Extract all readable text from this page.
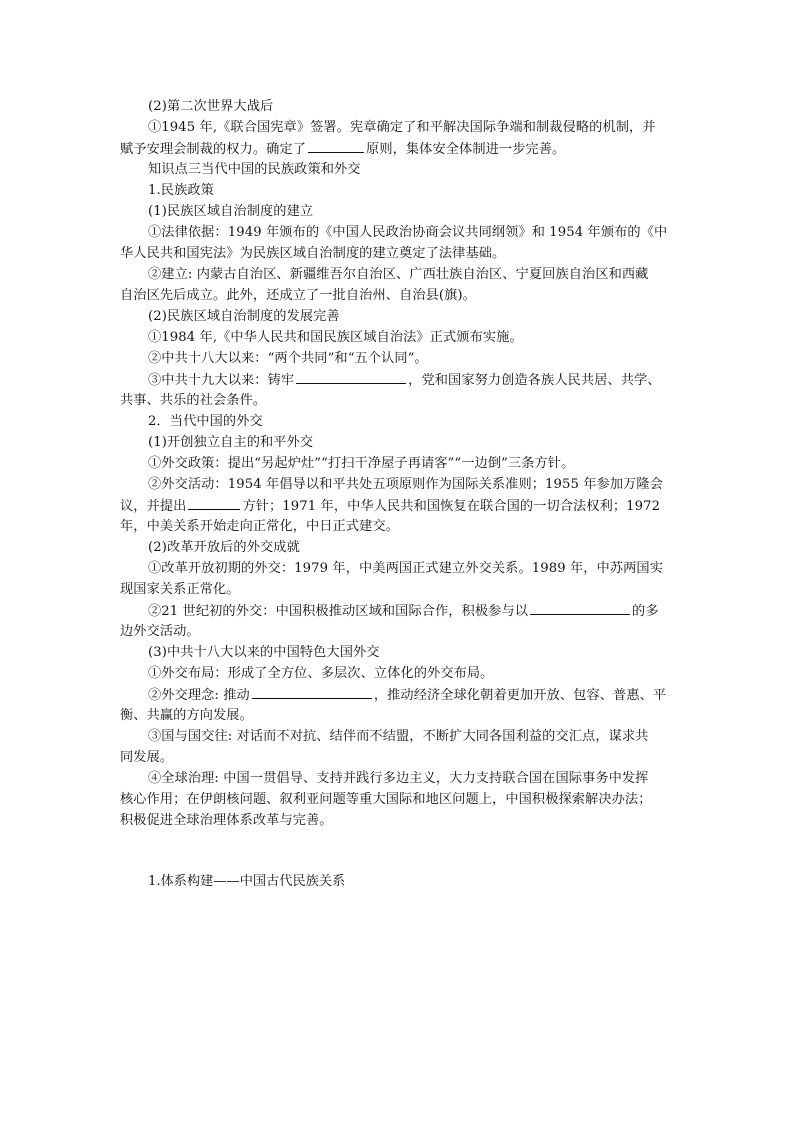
(2)第二次世界大战后
①1945 年,《联合国宪章》签署。宪章确定了和平解决国际争端和制裁侵略的机制，并
赋予安理会制裁的权力。确定了	原则，集体安全体制进一步完善。
知识点三当代中国的民族政策和外交
1.民族政策
(1)民族区域自治制度的建立
①法律依据：1949 年颁布的《中国人民政治协商会议共同纲领》和 1954 年颁布的《中
华人民共和国宪法》为民族区域自治制度的建立奠定了法律基础。
②建立: 内蒙古自治区、新疆维吾尔自治区、广西壮族自治区、宁夏回族自治区和西藏
自治区先后成立。此外，还成立了一批自治州、自治县(旗)。
(2)民族区域自治制度的发展完善
①1984 年,《中华人民共和国民族区域自治法》正式颁布实施。
②中共十八大以来：“两个共同”和“五个认同”。
③中共十九大以来：铸牢	，党和国家努力创造各族人民共居、共学、
共事、共乐的社会条件。
2．当代中国的外交
(1)开创独立自主的和平外交
①外交政策：提出“另起炉灶”“打扫干净屋子再请客”“一边倒”三条方针。
②外交活动：1954 年倡导以和平共处五项原则作为国际关系准则；1955 年参加万隆会
议，并提出	方针；1971 年，中华人民共和国恢复在联合国的一切合法权利；1972
年，中美关系开始走向正常化，中日正式建交。
(2)改革开放后的外交成就
①改革开放初期的外交：1979 年，中美两国正式建立外交关系。1989 年，中苏两国实
现国家关系正常化。
②21 世纪初的外交：中国积极推动区域和国际合作，积极参与以	的多
边外交活动。
(3)中共十八大以来的中国特色大国外交
①外交布局：形成了全方位、多层次、立体化的外交布局。
②外交理念: 推动	，推动经济全球化朝着更加开放、包容、普惠、平
衡、共赢的方向发展。
③国与国交往: 对话而不对抗、结伴而不结盟，不断扩大同各国利益的交汇点，谋求共
同发展。
④全球治理: 中国一贯倡导、支持并践行多边主义，大力支持联合国在国际事务中发挥
核心作用；在伊朗核问题、叙利亚问题等重大国际和地区问题上，中国积极探索解决办法；
积极促进全球治理体系改革与完善。
1.体系构建——中国古代民族关系
